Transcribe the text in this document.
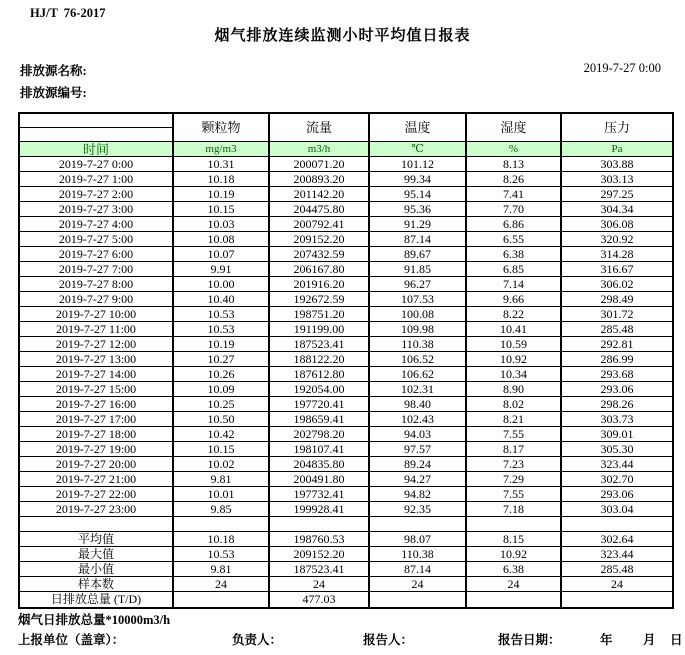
HJ/T  76-2017
烟气排放连续监测小时平均值日报表
排放源名称:
排放源编号:
2019-7-27 0:00
	颗粒物	流量	温度	湿度	压力

时间	mg/m3	m3/h	℃	%	Pa
2019-7-27 0:00	10.31	200071.20	101.12	8.13	303.88
2019-7-27 1:00	10.18	200893.20	99.34	8.26	303.13
2019-7-27 2:00	10.19	201142.20	95.14	7.41	297.25
2019-7-27 3:00	10.15	204475.80	95.36	7.70	304.34
2019-7-27 4:00	10.03	200792.41	91.29	6.86	306.08
2019-7-27 5:00	10.08	209152.20	87.14	6.55	320.92
2019-7-27 6:00	10.07	207432.59	89.67	6.38	314.28
2019-7-27 7:00	9.91	206167.80	91.85	6.85	316.67
2019-7-27 8:00	10.00	201916.20	96.27	7.14	306.02
2019-7-27 9:00	10.40	192672.59	107.53	9.66	298.49
2019-7-27 10:00	10.53	198751.20	100.08	8.22	301.72
2019-7-27 11:00	10.53	191199.00	109.98	10.41	285.48
2019-7-27 12:00	10.19	187523.41	110.38	10.59	292.81
2019-7-27 13:00	10.27	188122.20	106.52	10.92	286.99
2019-7-27 14:00	10.26	187612.80	106.62	10.34	293.68
2019-7-27 15:00	10.09	192054.00	102.31	8.90	293.06
2019-7-27 16:00	10.25	197720.41	98.40	8.02	298.26
2019-7-27 17:00	10.50	198659.41	102.43	8.21	303.73
2019-7-27 18:00	10.42	202798.20	94.03	7.55	309.01
2019-7-27 19:00	10.15	198107.41	97.57	8.17	305.30
2019-7-27 20:00	10.02	204835.80	89.24	7.23	323.44
2019-7-27 21:00	9.81	200491.80	94.27	7.29	302.70
2019-7-27 22:00	10.01	197732.41	94.82	7.55	293.06
2019-7-27 23:00	9.85	199928.41	92.35	7.18	303.04

平均值	10.18	198760.53	98.07	8.15	302.64
最大值	10.53	209152.20	110.38	10.92	323.44
最小值	9.81	187523.41	87.14	6.38	285.48
样本数	24	24	24	24	24
日排放总量 (T/D)		477.03			
烟气日排放总量*10000m3/h
上报单位（盖章）：	负责人：	报告人：	报告日期：	年 月 日
